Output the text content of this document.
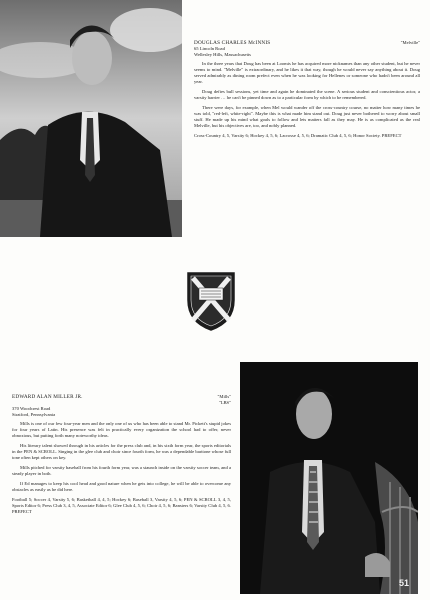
DOUGLAS CHARLES McINNIS	"Melville"
65 Lincoln Road
Wellesley Hills, Massachusetts

In the three years that Doug has been at Loomis he has acquired more nicknames than any other student, but he never seems to mind. "Melville" is extraordinary, and he likes it that way, though he would never say anything about it. Doug served admirably as dining room prefect even when he was looking for Hellenes or someone who hadn't been around all year.

Doug defies bull sessions, yet time and again he dominated the scene. A serious student and conscientious actor, a varsity harrier … he can't be pinned down as to a particular form by which to be remembered.

There were days, for example, when Mel would wander off the cross-country course, no matter how many times he was told, "red-left, white-right". Maybe this is what made him stand out. Doug just never bothered to worry about small stuff. He made up his mind what goals to follow and lets matters fall as they may. He is as complicated as the real Melville, but his objectives are, too, and nobly planned.

Cross-Country 4, 5, Varsity 6; Hockey 4, 5, 6; Lacrosse 4, 5, 6; Dramatic Club 4, 5, 6; Honor Society. PREFECT
EDWARD ALAN MILLER JR.	"Mills"
"LBS"
370 Woodcrest Road
Stratford, Pennsylvania

Mills is one of our few four-year men and the only one of us who has been able to stand Mr. Pickett's stupid jokes for four years of Latin. His presence was felt in practically every organization the school had to offer, never obnoxious, but putting forth many noteworthy ideas.

His literary talent showed through in his articles for the press club and, in his sixth form year, the sports editorials in the PEN & SCROLL. Singing in the glee club and choir since fourth form, he was a dependable baritone whose full tone often kept others on key.

Mills pitched for varsity baseball from his fourth form year, was a staunch inside on the varsity soccer team, and a steady player in both.

If Ed manages to keep his cool head and good nature when he gets into college, he will be able to overcome any obstacles as easily as he did here.

Football 5; Soccer 4, Varsity 5, 6; Basketball 4, 4, 5; Hockey 6; Baseball 3, Varsity 4, 5, 6; PEN & SCROLL 3, 4, 5, Sports Editor 6; Press Club 3, 4, 5, Associate Editor 6; Glee Club 4, 5, 6; Choir 4, 5, 6; Bansters 6; Varsity Club 4, 5, 6. PREFECT
51
